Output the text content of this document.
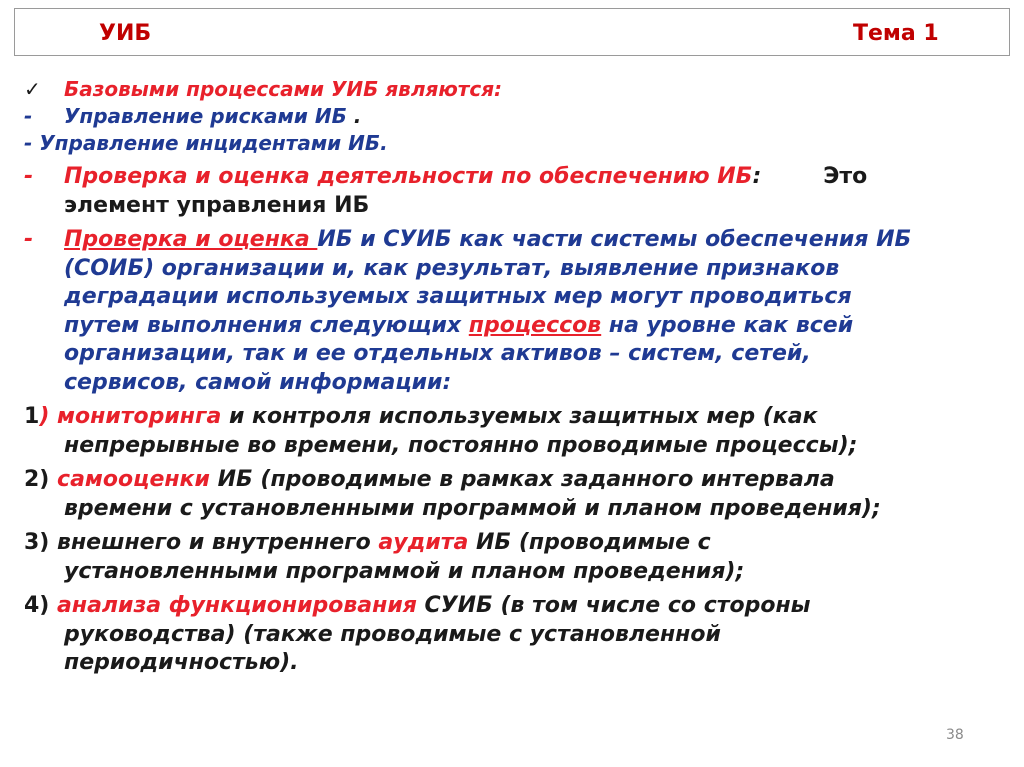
УИБ	Тема 1
✓ Базовыми процессами УИБ являются:
- Управление рисками ИБ .
- Управление инцидентами ИБ.
- Проверка и оценка деятельности по обеспечению ИБ:	Это
элемент управления ИБ
- Проверка и оценка ИБ и СУИБ как части системы обеспечения ИБ
(СОИБ) организации и, как результат, выявление признаков
деградации используемых защитных мер могут проводиться
путем выполнения следующих процессов на уровне как всей
организации, так и ее отдельных активов – систем, сетей,
сервисов, самой информации:
1) мониторинга и контроля используемых защитных мер (как
непрерывные во времени, постоянно проводимые процессы);
2) самооценки ИБ (проводимые в рамках заданного интервала
времени с установленными программой и планом проведения);
3) внешнего и внутреннего аудита ИБ (проводимые с
установленными программой и планом проведения);
4) анализа функционирования СУИБ (в том числе со стороны
руководства) (также проводимые с установленной
периодичностью).
38
